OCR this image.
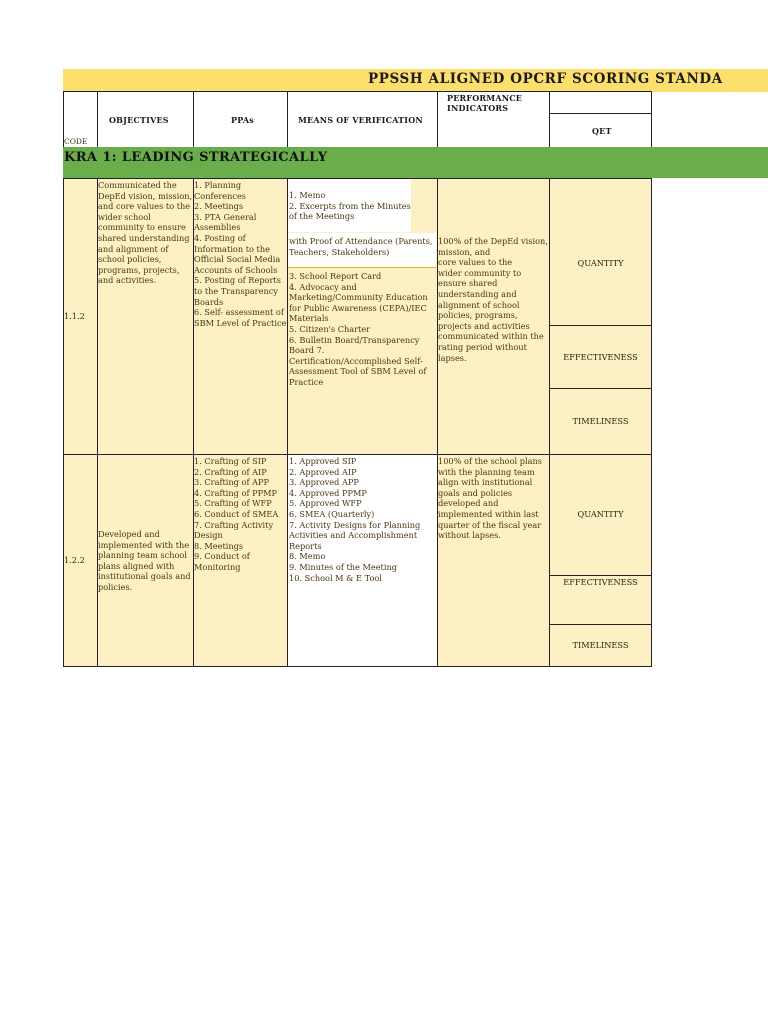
PPSSH ALIGNED OPCRF SCORING STANDA
CODE
OBJECTIVES	PPAs	MEANS OF VERIFICATION
PERFORMANCE INDICATORS
QET
KRA 1: LEADING STRATEGICALLY
1.1.2
Communicated the DepEd vision, mission, and core values to the wider school community to ensure shared understanding and alignment of school policies, programs, projects, and activities.
1. Planning Conferences
2. Meetings
3. PTA General Assemblies
4. Posting of Information to the Official Social Media Accounts of Schools
5. Posting of Reports to the Transparency Boards
6. Self- assessment of SBM Level of Practice
1. Memo
2. Excerpts from the Minutes of the Meetings
with Proof of Attendance (Parents, Teachers, Stakeholders)
3. School Report Card
4. Advocacy and Marketing/Community Education for Public Awareness (CEPA)/IEC Materials
5. Citizen's Charter
6. Bulletin Board/Transparency Board 7. Certification/Accomplished Self-Assessment Tool of SBM Level of Practice
100% of the DepEd vision, mission, and
core values to the
wider community to ensure shared understanding and alignment of school policies, programs, projects and activities communicated within the rating period without lapses.
QUANTITY
EFFECTIVENESS
TIMELINESS
1.2.2
Developed and implemented with the planning team school plans aligned with institutional goals and policies.
1. Crafting of SIP
2. Crafting of AIP
3. Crafting of APP
4. Crafting of PPMP
5. Crafting of WFP
6. Conduct of SMEA
7. Crafting Activity Design
8. Meetings
9. Conduct of Monitoring
1. Approved SIP
2. Approved AIP
3. Approved APP
4. Approved PPMP
5. Approved WFP
6. SMEA (Quarterly)
7. Activity Designs for Planning Activities and Accomplishment Reports
8. Memo
9. Minutes of the Meeting
10. School M & E Tool
100% of the school plans with the planning team align with institutional goals and policies developed and implemented within last quarter of the fiscal year without lapses.
QUANTITY
EFFECTIVENESS
TIMELINESS
